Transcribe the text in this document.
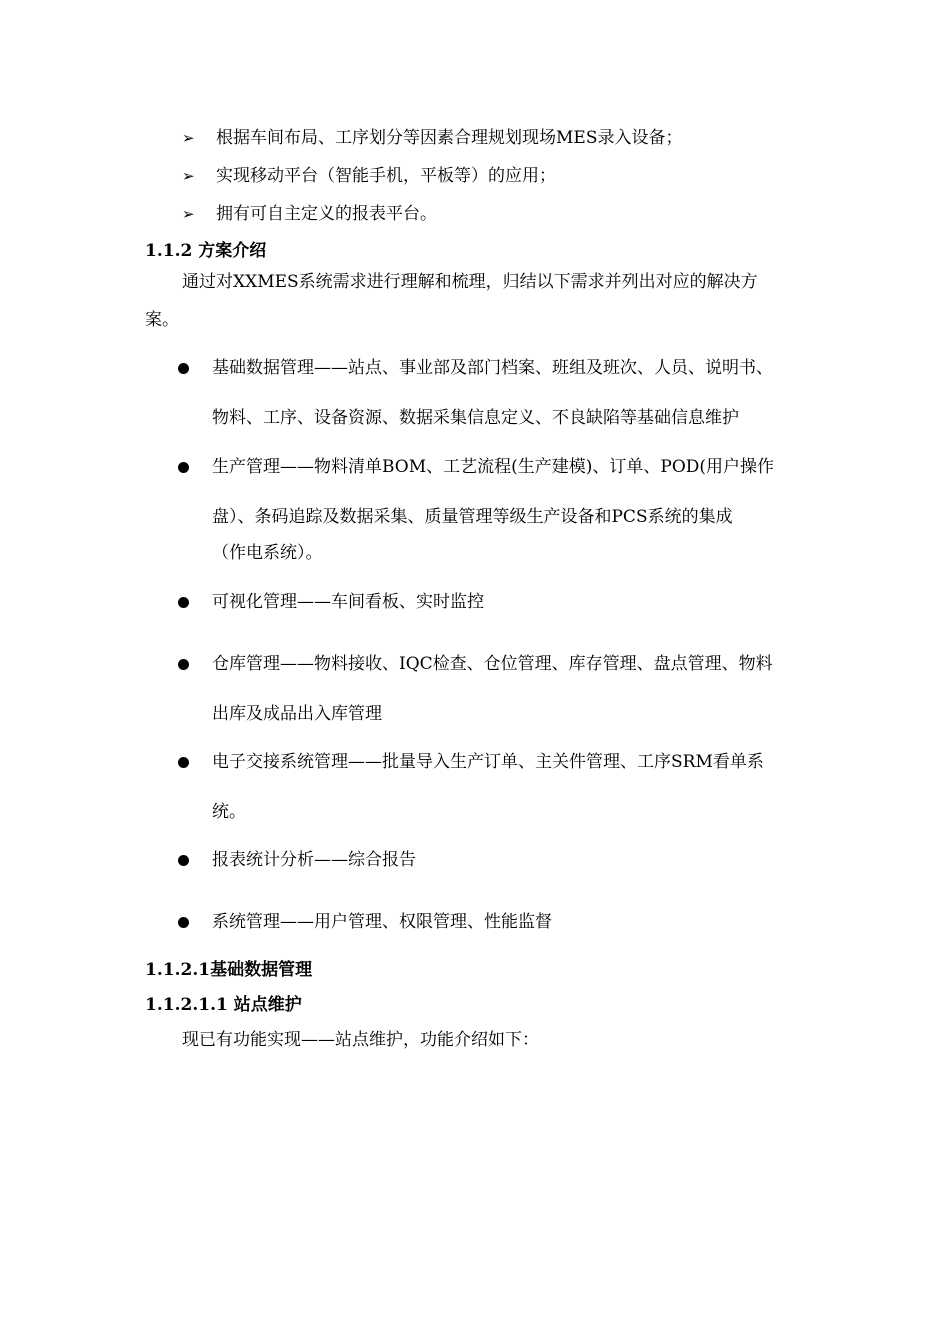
➢ 根据车间布局、工序划分等因素合理规划现场MES录入设备；
➢ 实现移动平台（智能手机，平板等）的应用；
➢ 拥有可自主定义的报表平台。
1.1.2 方案介绍
通过对XXMES系统需求进行理解和梳理，归结以下需求并列出对应的解决方
案。
基础数据管理——站点、事业部及部门档案、班组及班次、人员、说明书、
物料、工序、设备资源、数据采集信息定义、不良缺陷等基础信息维护
生产管理——物料清单BOM、工艺流程(生产建模)、订单、POD(用户操作
盘）、条码追踪及数据采集、质量管理等级生产设备和PCS系统的集成
（作电系统）。
可视化管理——车间看板、实时监控
仓库管理——物料接收、IQC检查、仓位管理、库存管理、盘点管理、物料
出库及成品出入库管理
电子交接系统管理——批量导入生产订单、主关件管理、工序SRM看单系
统。
报表统计分析——综合报告
系统管理——用户管理、权限管理、性能监督
1.1.2.1基础数据管理
1.1.2.1.1 站点维护
现已有功能实现——站点维护，功能介绍如下：
